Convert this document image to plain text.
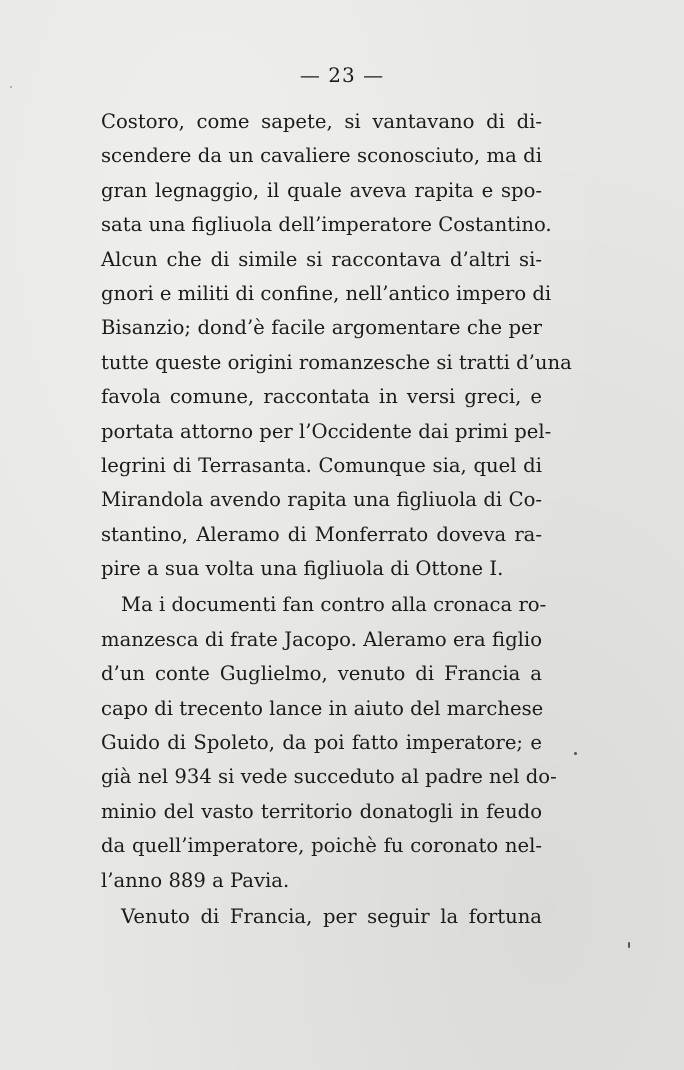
— 23 —
Costoro, come sapete, si vantavano di di-
scendere da un cavaliere sconosciuto, ma di
gran legnaggio, il quale aveva rapita e spo-
sata una figliuola dell’imperatore Costantino.
Alcun che di simile si raccontava d’altri si-
gnori e militi di confine, nell’antico impero di
Bisanzio; dond’è facile argomentare che per
tutte queste origini romanzesche si tratti d’una
favola comune, raccontata in versi greci, e
portata attorno per l’Occidente dai primi pel-
legrini di Terrasanta. Comunque sia, quel di
Mirandola avendo rapita una figliuola di Co-
stantino, Aleramo di Monferrato doveva ra-
pire a sua volta una figliuola di Ottone I.
Ma i documenti fan contro alla cronaca ro-
manzesca di frate Jacopo. Aleramo era figlio
d’un conte Guglielmo, venuto di Francia a
capo di trecento lance in aiuto del marchese
Guido di Spoleto, da poi fatto imperatore; e
già nel 934 si vede succeduto al padre nel do-
minio del vasto territorio donatogli in feudo
da quell’imperatore, poichè fu coronato nel-
l’anno 889 a Pavia.
Venuto di Francia, per seguir la fortuna
